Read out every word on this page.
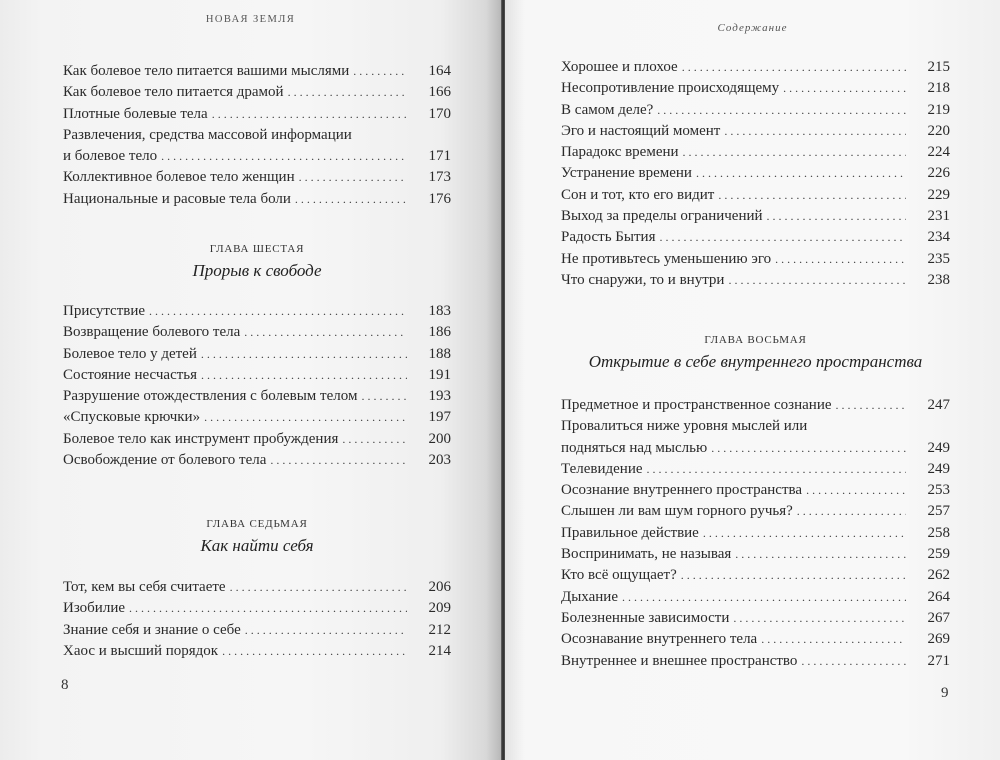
НОВАЯ ЗЕМЛЯ
Как болевое тело питается вашими мыслями . . .	164
Как болевое тело питается драмой . . .	166
Плотные болевые тела . . .	170
Развлечения, средства массовой информации
и болевое тело . . .	171
Коллективное болевое тело женщин . . .	173
Национальные и расовые тела боли . . .	176
ГЛАВА ШЕСТАЯ
Прорыв к свободе
Присутствие . . .	183
Возвращение болевого тела . . .	186
Болевое тело у детей . . .	188
Состояние несчастья . . .	191
Разрушение отождествления с болевым телом . . .	193
«Спусковые крючки» . . .	197
Болевое тело как инструмент пробуждения . . .	200
Освобождение от болевого тела . . .	203
ГЛАВА СЕДЬМАЯ
Как найти себя
Тот, кем вы себя считаете . . .	206
Изобилие . . .	209
Знание себя и знание о себе . . .	212
Хаос и высший порядок . . .	214
8
Содержание
Хорошее и плохое . . .	215
Несопротивление происходящему . . .	218
В самом деле? . . .	219
Эго и настоящий момент . . .	220
Парадокс времени . . .	224
Устранение времени . . .	226
Сон и тот, кто его видит . . .	229
Выход за пределы ограничений . . .	231
Радость Бытия . . .	234
Не противьтесь уменьшению эго . . .	235
Что снаружи, то и внутри . . .	238
ГЛАВА ВОСЬМАЯ
Открытие в себе внутреннего пространства
Предметное и пространственное сознание . . .	247
Провалиться ниже уровня мыслей или
подняться над мыслью . . .	249
Телевидение . . .	249
Осознание внутреннего пространства . . .	253
Слышен ли вам шум горного ручья? . . .	257
Правильное действие . . .	258
Воспринимать, не называя . . .	259
Кто всё ощущает? . . .	262
Дыхание . . .	264
Болезненные зависимости . . .	267
Осознавание внутреннего тела . . .	269
Внутреннее и внешнее пространство . . .	271
9
